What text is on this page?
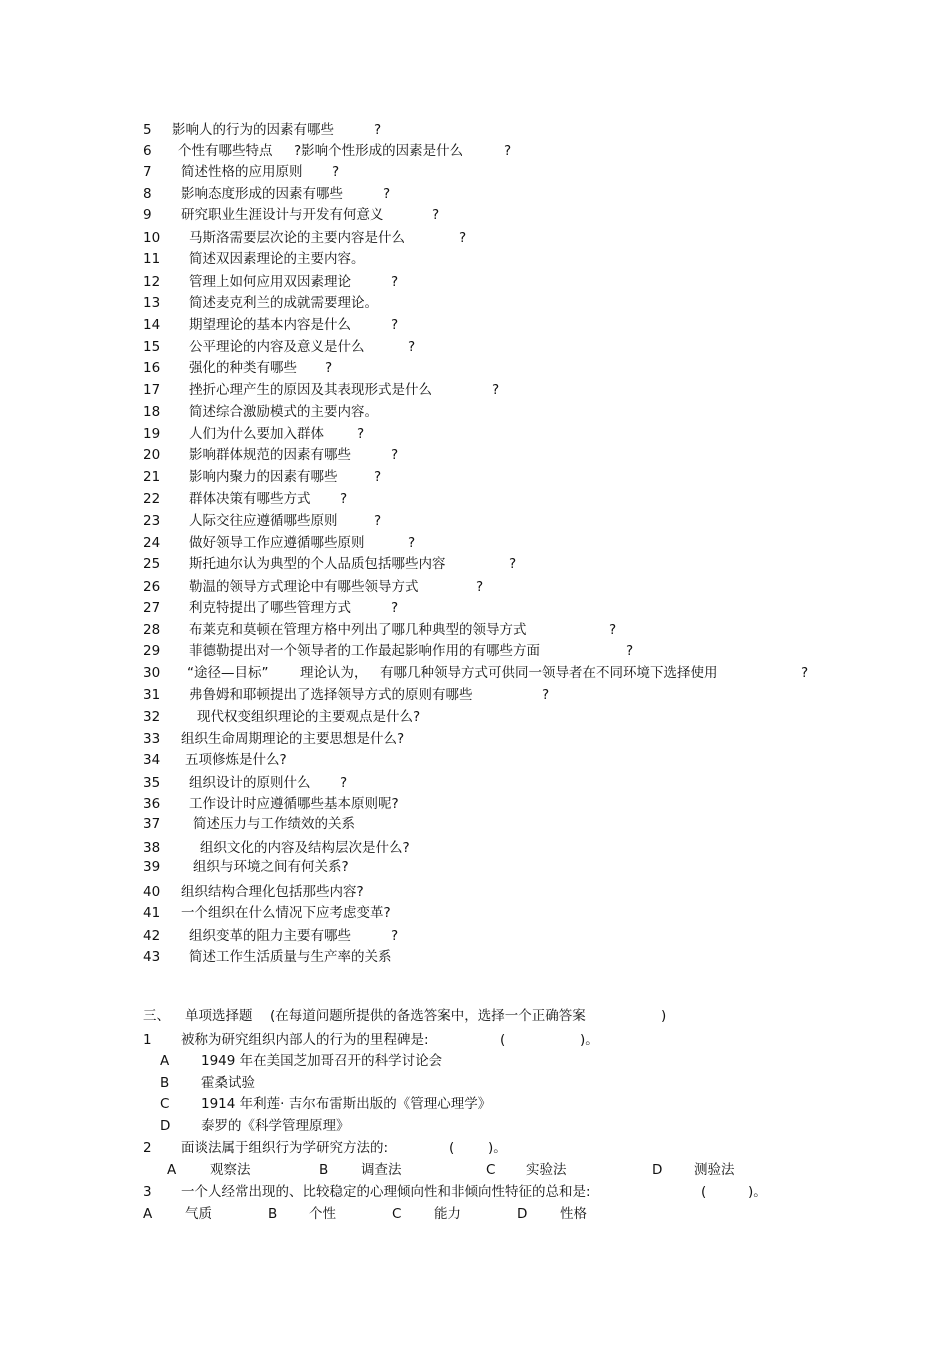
5 影响人的行为的因素有哪些	?
6 个性有哪些特点 ?影响个性形成的因素是什么	?
7 简述性格的应用原则 ?
8 影响态度形成的因素有哪些	?
9 研究职业生涯设计与开发有何意义	?
10 马斯洛需要层次论的主要内容是什么	?
11 简述双因素理论的主要内容。
12 管理上如何应用双因素理论	?
13 简述麦克利兰的成就需要理论。
14 期望理论的基本内容是什么	?
15 公平理论的内容及意义是什么	?
16 强化的种类有哪些 ?
17 挫折心理产生的原因及其表现形式是什么	?
18 简述综合激励模式的主要内容。
19 人们为什么要加入群体 ?
20 影响群体规范的因素有哪些	?
21 影响内聚力的因素有哪些	?
22 群体决策有哪些方式 ?
23 人际交往应遵循哪些原则	?
24 做好领导工作应遵循哪些原则	?
25 斯托迪尔认为典型的个人品质包括哪些内容	?
26 勒温的领导方式理论中有哪些领导方式	?
27 利克特提出了哪些管理方式	?
28 布莱克和莫顿在管理方格中列出了哪几种典型的领导方式	?
29 菲德勒提出对一个领导者的工作最起影响作用的有哪些方面	?
30 “途径—目标” 理论认为， 有哪几种领导方式可供同一领导者在不同环境下选择使用	?
31 弗鲁姆和耶顿提出了选择领导方式的原则有哪些	?
32	现代权变组织理论的主要观点是什么?
33 组织生命周期理论的主要思想是什么?
34 五项修炼是什么?
35 组织设计的原则什么 ?
36 工作设计时应遵循哪些基本原则呢?
37 简述压力与工作绩效的关系
38	组织文化的内容及结构层次是什么?
39 组织与环境之间有何关系?
40 组织结构合理化包括那些内容?
41 一个组织在什么情况下应考虑变革?
42 组织变革的阻力主要有哪些	?
43 简述工作生活质量与生产率的关系
三、 单项选择题 (在每道问题所提供的备选答案中，选择一个正确答案	)
1 被称为研究组织内部人的行为的里程碑是:	(	)。
A 1949 年在美国芝加哥召开的科学讨论会
B 霍桑试验
C 1914 年利莲· 吉尔布雷斯出版的《管理心理学》
D 泰罗的《科学管理原理》
2 面谈法属于组织行为学研究方法的:	( )。
A	观察法	B 调查法	C 实验法	D 测验法
3 一个人经常出现的、比较稳定的心理倾向性和非倾向性特征的总和是:	(	)。
A 气质	B 个性	C 能力	D 性格
